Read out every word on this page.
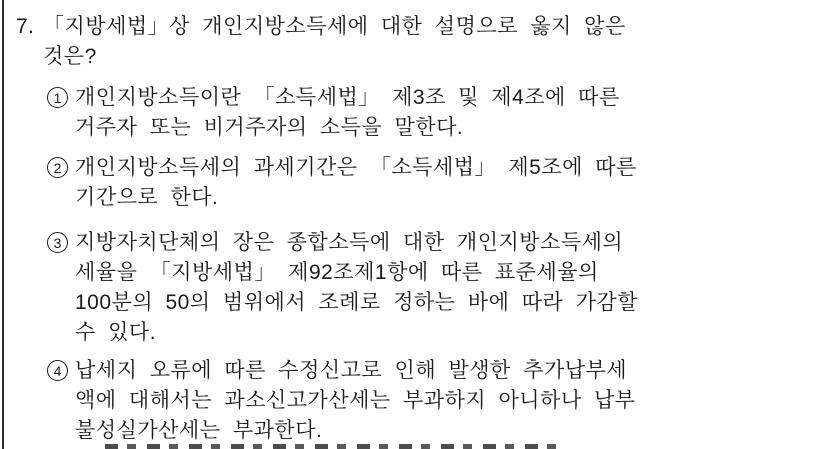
7. 「지방세법」상 개인지방소득세에 대한 설명으로 옳지 않은
것은?
1 개인지방소득이란 「소득세법」 제3조 및 제4조에 따른
거주자 또는 비거주자의 소득을 말한다.
2 개인지방소득세의 과세기간은 「소득세법」 제5조에 따른
기간으로 한다.
3 지방자치단체의 장은 종합소득에 대한 개인지방소득세의
세율을 「지방세법」 제92조제1항에 따른 표준세율의
100분의 50의 범위에서 조례로 정하는 바에 따라 가감할
수 있다.
4 납세지 오류에 따른 수정신고로 인해 발생한 추가납부세
액에 대해서는 과소신고가산세는 부과하지 아니하나 납부
불성실가산세는 부과한다.
